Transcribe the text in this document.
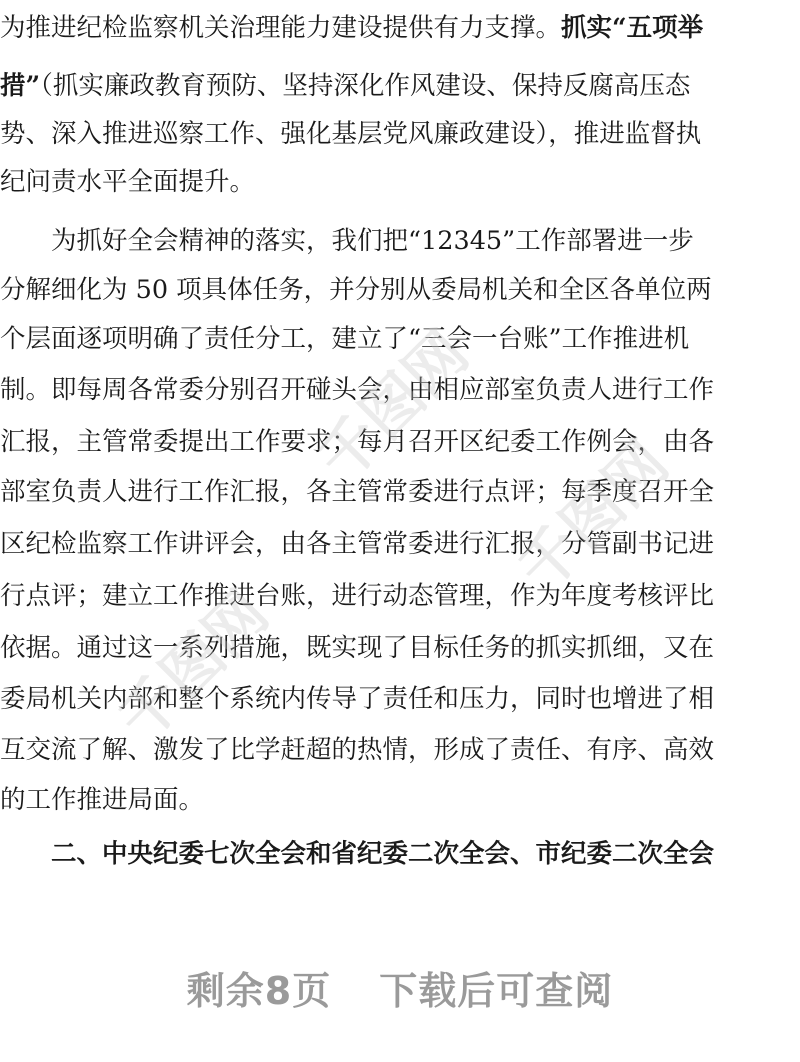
为推进纪检监察机关治理能力建设提供有力支撑。抓实“五项举
措”（抓实廉政教育预防、坚持深化作风建设、保持反腐高压态
势、深入推进巡察工作、强化基层党风廉政建设），推进监督执
纪问责水平全面提升。
　　为抓好全会精神的落实，我们把“12345”工作部署进一步
分解细化为 50 项具体任务，并分别从委局机关和全区各单位两
个层面逐项明确了责任分工，建立了“三会一台账”工作推进机
制。即每周各常委分别召开碰头会，由相应部室负责人进行工作
汇报，主管常委提出工作要求；每月召开区纪委工作例会，由各
部室负责人进行工作汇报，各主管常委进行点评；每季度召开全
区纪检监察工作讲评会，由各主管常委进行汇报，分管副书记进
行点评；建立工作推进台账，进行动态管理，作为年度考核评比
依据。通过这一系列措施，既实现了目标任务的抓实抓细，又在
委局机关内部和整个系统内传导了责任和压力，同时也增进了相
互交流了解、激发了比学赶超的热情，形成了责任、有序、高效
的工作推进局面。
　　二、中央纪委七次全会和省纪委二次全会、市纪委二次全会
千图网
千图网
千图网
剩余8页 下载后可查阅
